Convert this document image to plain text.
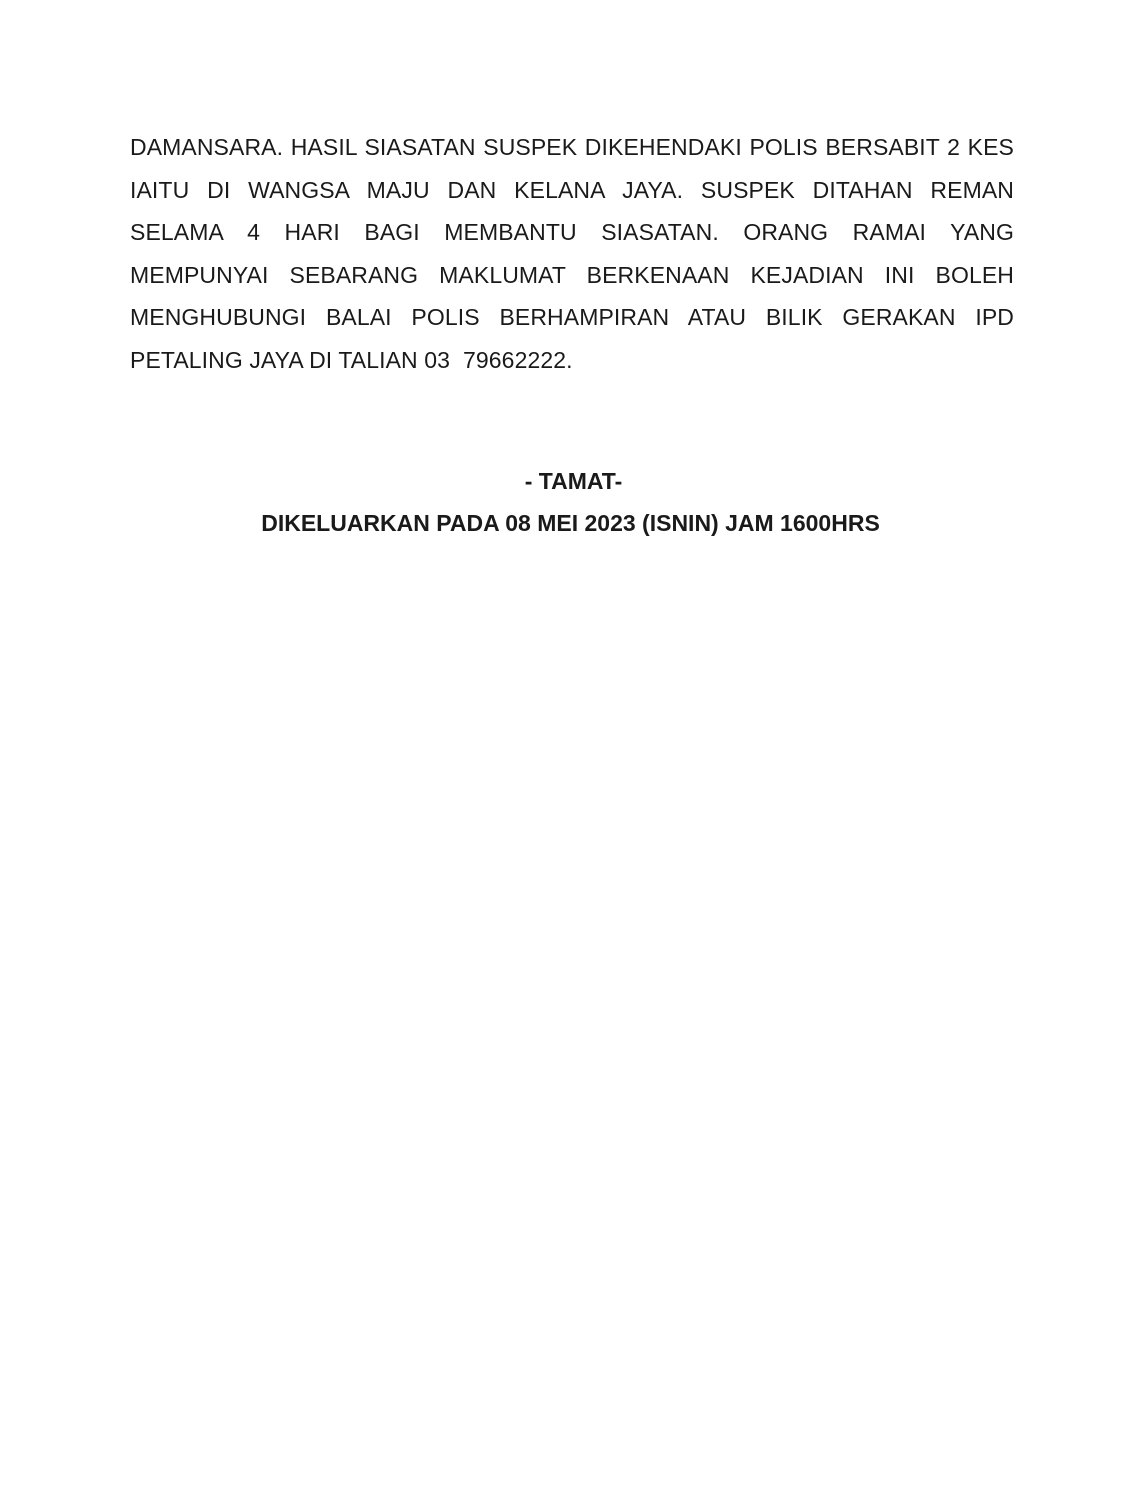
DAMANSARA. HASIL SIASATAN SUSPEK DIKEHENDAKI POLIS BERSABIT 2 KES
IAITU DI WANGSA MAJU DAN KELANA JAYA. SUSPEK DITAHAN REMAN
SELAMA 4 HARI BAGI MEMBANTU SIASATAN. ORANG RAMAI YANG
MEMPUNYAI SEBARANG MAKLUMAT BERKENAAN KEJADIAN INI BOLEH
MENGHUBUNGI BALAI POLIS BERHAMPIRAN ATAU BILIK GERAKAN IPD
PETALING JAYA DI TALIAN 03  79662222.

- TAMAT-

DIKELUARKAN PADA 08 MEI 2023 (ISNIN) JAM 1600HRS
